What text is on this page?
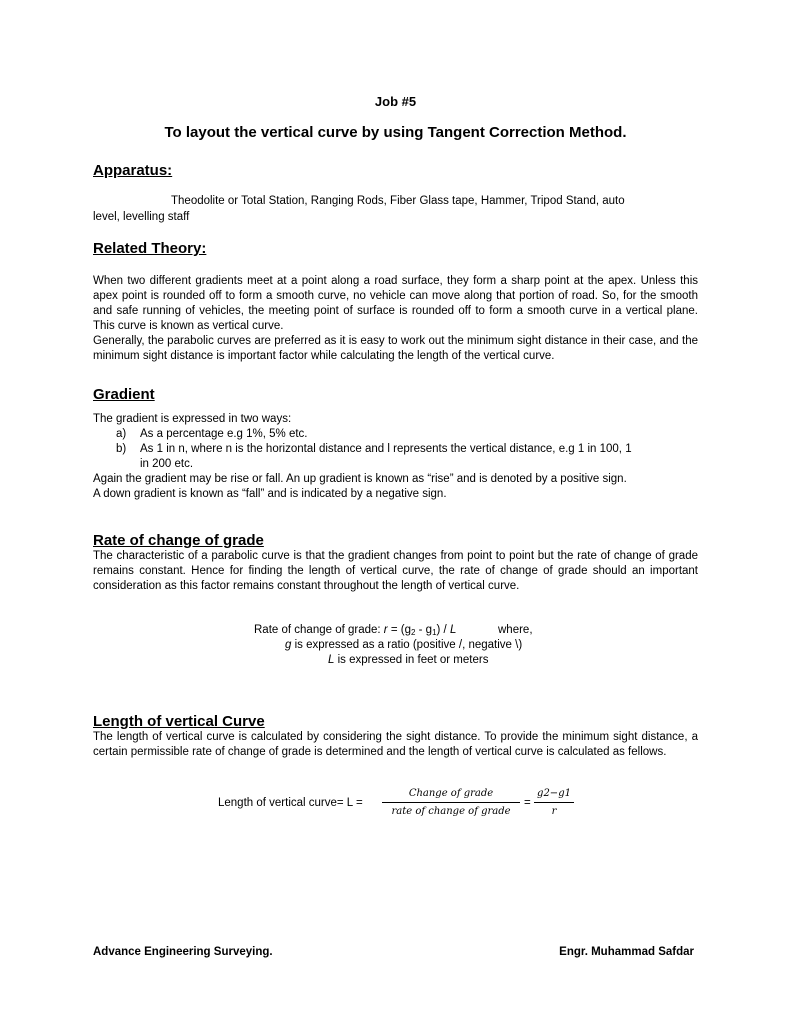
Job #5
To layout the vertical curve by using Tangent Correction Method.
Apparatus:
Theodolite or Total Station, Ranging Rods, Fiber Glass tape, Hammer, Tripod Stand, auto
level, levelling staff
Related Theory:
When two different gradients meet at a point along a road surface, they form a sharp point at the apex. Unless this apex point is rounded off to form a smooth curve, no vehicle can move along that portion of road. So, for the smooth and safe running of vehicles, the meeting point of surface is rounded off to form a smooth curve in a vertical plane. This curve is known as vertical curve.
Generally, the parabolic curves are preferred as it is easy to work out the minimum sight distance in their case, and the minimum sight distance is important factor while calculating the length of the vertical curve.
Gradient
The gradient is expressed in two ways:
a) As a percentage e.g 1%, 5% etc.
b) As 1 in n, where n is the horizontal distance and l represents the vertical distance, e.g 1 in 100, 1
in 200 etc.
Again the gradient may be rise or fall. An up gradient is known as “rise” and is denoted by a positive sign.
A down gradient is known as “fall” and is indicated by a negative sign.
Rate of change of grade
The characteristic of a parabolic curve is that the gradient changes from point to point but the rate of change of grade remains constant. Hence for finding the length of vertical curve, the rate of change of grade should an important consideration as this factor remains constant throughout the length of vertical curve.
Rate of change of grade: $r = (g_2 - g_1) / L$	where,
g is expressed as a ratio (positive /, negative \)
L is expressed in feet or meters
Length of vertical Curve
The length of vertical curve is calculated by considering the sight distance. To provide the minimum sight distance, a certain permissible rate of change of grade is determined and the length of vertical curve is calculated as fellows.
Length of vertical curve= L =
Change of grade
rate of change of grade
= $\frac{g2-g1}{r}$
Advance Engineering Surveying.	Engr. Muhammad Safdar
